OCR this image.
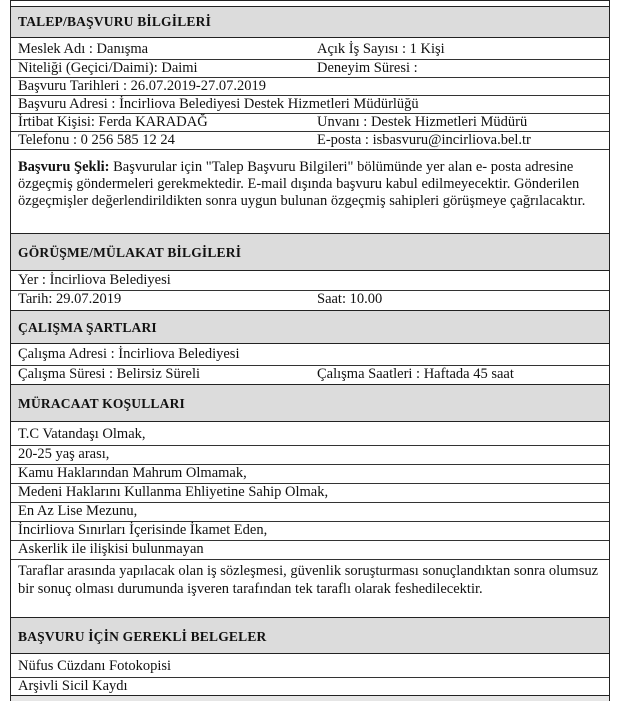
TALEP/BAŞVURU BİLGİLERİ
Meslek Adı : Danışma	Açık İş Sayısı : 1 Kişi
Niteliği (Geçici/Daimi): Daimi	Deneyim Süresi :
Başvuru Tarihleri : 26.07.2019-27.07.2019
Başvuru Adresi : İncirliova Belediyesi Destek Hizmetleri Müdürlüğü
İrtibat Kişisi: Ferda KARADAĞ	Unvanı : Destek Hizmetleri Müdürü
Telefonu : 0 256 585 12 24	E-posta : isbasvuru@incirliova.bel.tr
Başvuru Şekli: Başvurular için "Talep Başvuru Bilgileri" bölümünde yer alan e- posta adresine özgeçmiş göndermeleri gerekmektedir. E-mail dışında başvuru kabul edilmeyecektir. Gönderilen özgeçmişler değerlendirildikten sonra uygun bulunan özgeçmiş sahipleri görüşmeye çağrılacaktır.
GÖRÜŞME/MÜLAKAT BİLGİLERİ
Yer : İncirliova Belediyesi
Tarih: 29.07.2019	Saat: 10.00
ÇALIŞMA ŞARTLARI
Çalışma Adresi : İncirliova Belediyesi
Çalışma Süresi : Belirsiz Süreli	Çalışma Saatleri : Haftada 45 saat
MÜRACAAT KOŞULLARI
T.C Vatandaşı Olmak,
20-25 yaş arası,
Kamu Haklarından Mahrum Olmamak,
Medeni Haklarını Kullanma Ehliyetine Sahip Olmak,
En Az Lise Mezunu,
İncirliova Sınırları İçerisinde İkamet Eden,
Askerlik ile ilişkisi bulunmayan
Taraflar arasında yapılacak olan iş sözleşmesi, güvenlik soruşturması sonuçlandıktan sonra olumsuz bir sonuç olması durumunda işveren tarafından tek taraflı olarak feshedilecektir.
BAŞVURU İÇİN GEREKLİ BELGELER
Nüfus Cüzdanı Fotokopisi
Arşivli Sicil Kaydı
